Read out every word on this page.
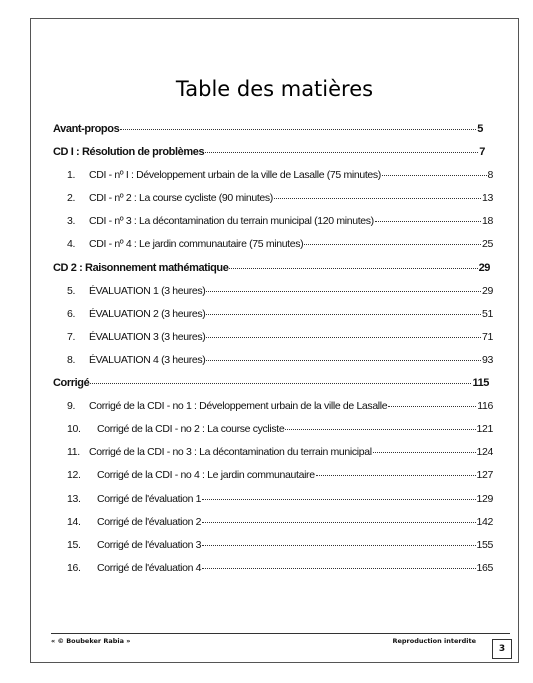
Table des matières
Avant-propos	5
CD I : Résolution de problèmes	7
1.	CDI - nº I : Développement urbain de la ville de Lasalle (75 minutes)	8
2.	CDI - nº 2 : La course cycliste (90 minutes)	13
3.	CDI - nº 3 : La décontamination du terrain municipal (120 minutes)	18
4.	CDI - nº 4 : Le jardin communautaire (75 minutes)	25
CD 2 : Raisonnement mathématique	29
5.	ÉVALUATION 1 (3 heures)	29
6.	ÉVALUATION 2 (3 heures)	51
7.	ÉVALUATION 3 (3 heures)	71
8.	ÉVALUATION 4 (3 heures)	93
Corrigé	115
9.	Corrigé de la CDI - no 1 : Développement urbain de la ville de Lasalle	116
10.	Corrigé de la CDI - no 2 : La course cycliste	121
11. Corrigé de la CDI - no 3 : La décontamination du terrain municipal	124
12.	Corrigé de la CDI - no 4 : Le jardin communautaire	127
13.	Corrigé de l'évaluation 1	129
14.	Corrigé de l'évaluation 2	142
15.	Corrigé de l'évaluation 3	155
16.	Corrigé de l'évaluation 4	165
« © Boubeker Rabia »	Reproduction interdite
3
